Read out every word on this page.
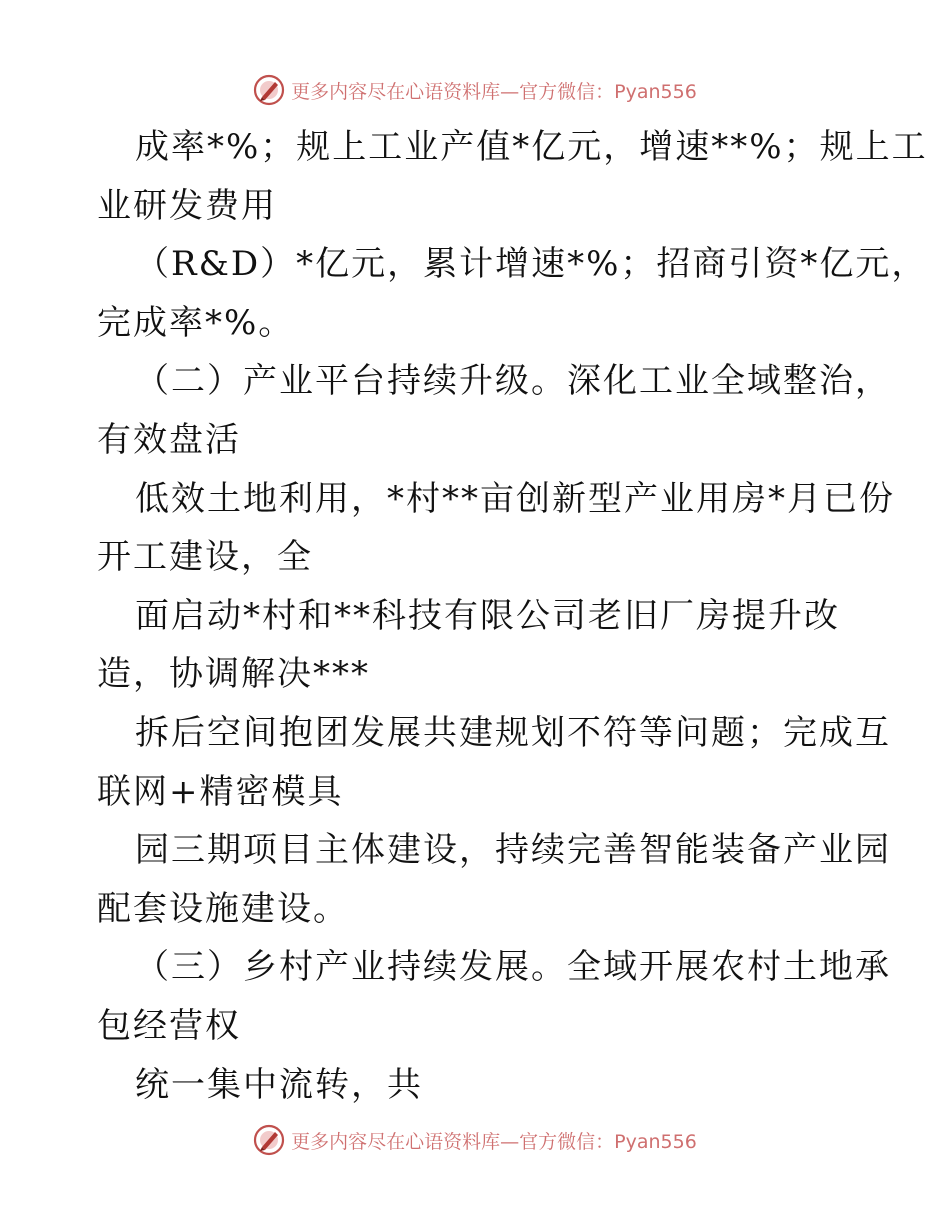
更多内容尽在心语资料库—官方微信：Pyan556
成率*%；规上工业产值*亿元，增速**%；规上工
业研发费用
（R&D）*亿元，累计增速*%；招商引资*亿元，
完成率*%。
（二）产业平台持续升级。深化工业全域整治，
有效盘活
低效土地利用，*村**亩创新型产业用房*月已份
开工建设，全
面启动*村和**科技有限公司老旧厂房提升改
造，协调解决***
拆后空间抱团发展共建规划不符等问题；完成互
联网+精密模具
园三期项目主体建设，持续完善智能装备产业园
配套设施建设。
（三）乡村产业持续发展。全域开展农村土地承
包经营权
统一集中流转，共
更多内容尽在心语资料库—官方微信：Pyan556
